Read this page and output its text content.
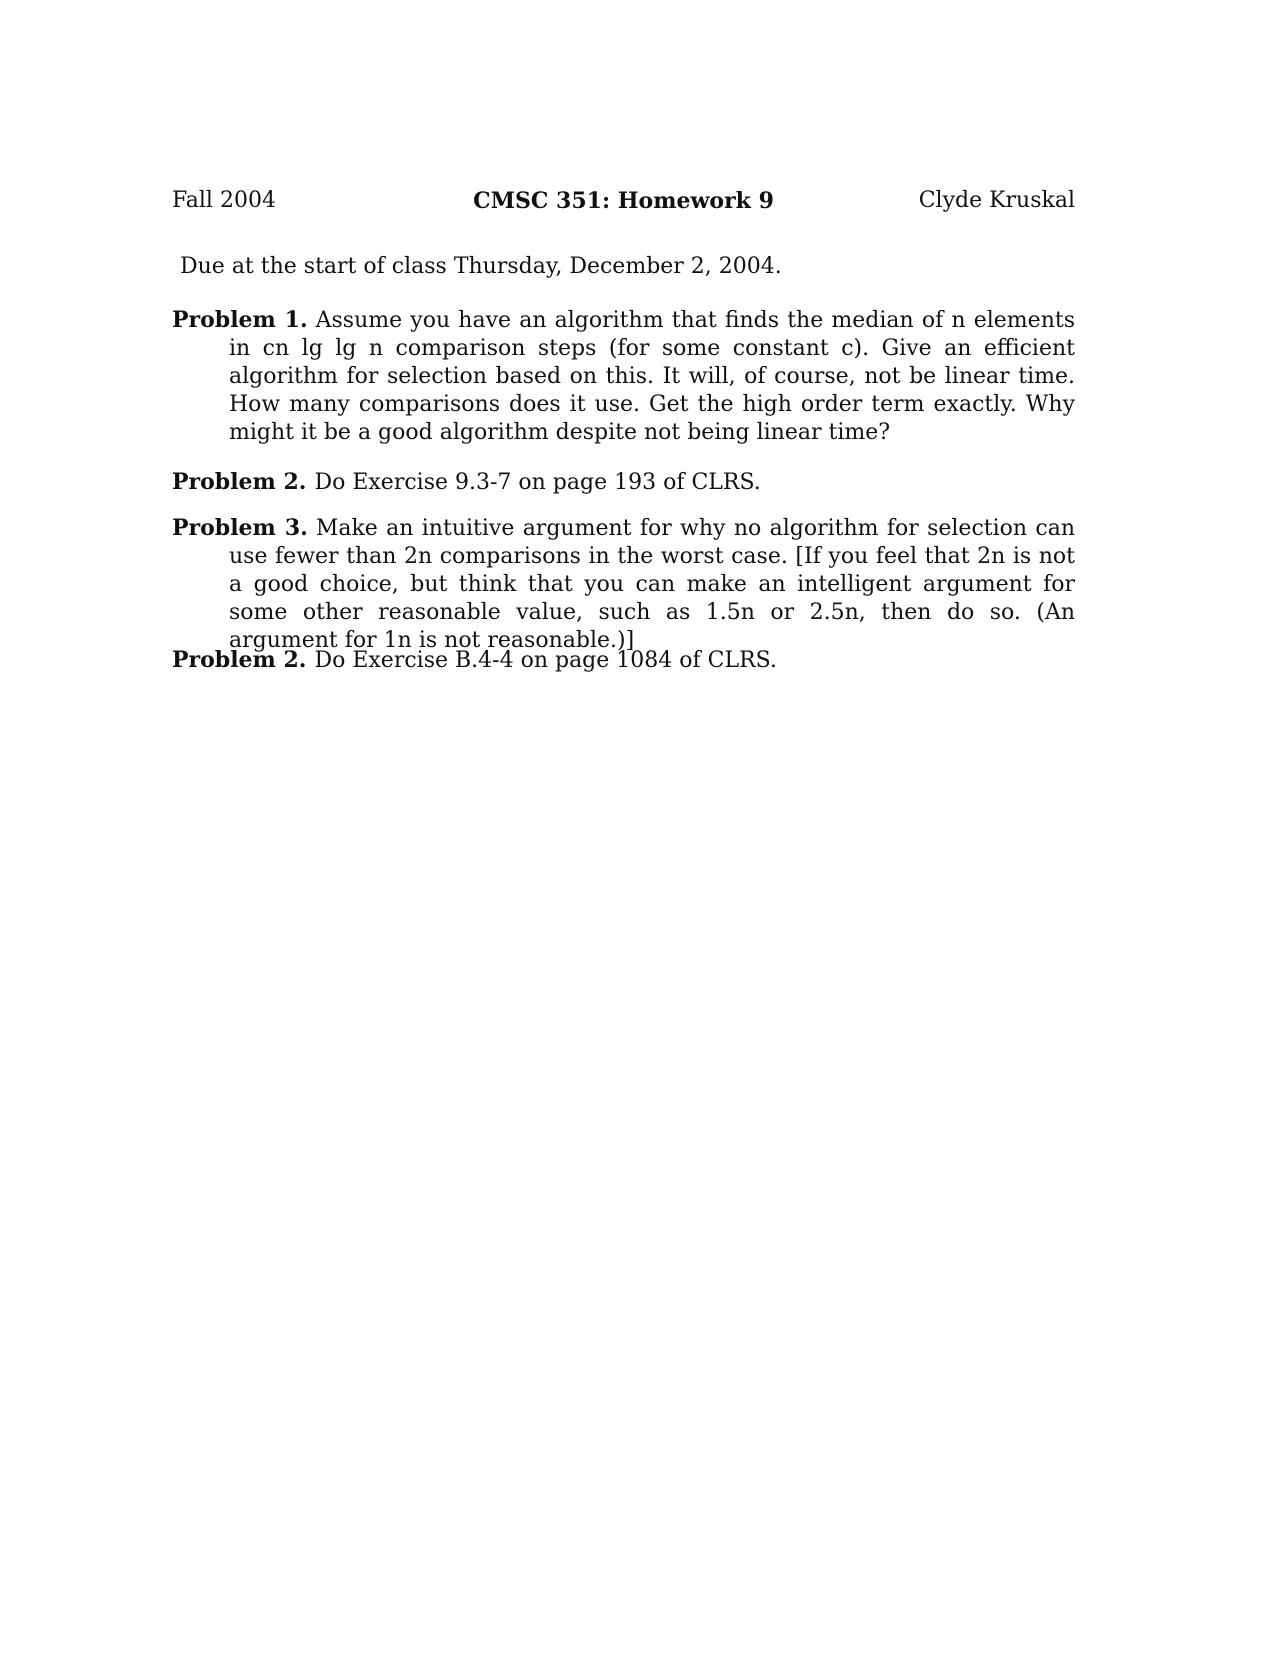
Fall 2004	CMSC 351: Homework 9	Clyde Kruskal
Due at the start of class Thursday, December 2, 2004.
Problem 1. Assume you have an algorithm that finds the median of n elements in cn lg lg n comparison steps (for some constant c). Give an efficient algorithm for selection based on this. It will, of course, not be linear time. How many comparisons does it use. Get the high order term exactly. Why might it be a good algorithm despite not being linear time?
Problem 2. Do Exercise 9.3-7 on page 193 of CLRS.
Problem 3. Make an intuitive argument for why no algorithm for selection can use fewer than 2n comparisons in the worst case. [If you feel that 2n is not a good choice, but think that you can make an intelligent argument for some other reasonable value, such as 1.5n or 2.5n, then do so. (An argument for 1n is not reasonable.)]
Problem 2. Do Exercise B.4-4 on page 1084 of CLRS.
